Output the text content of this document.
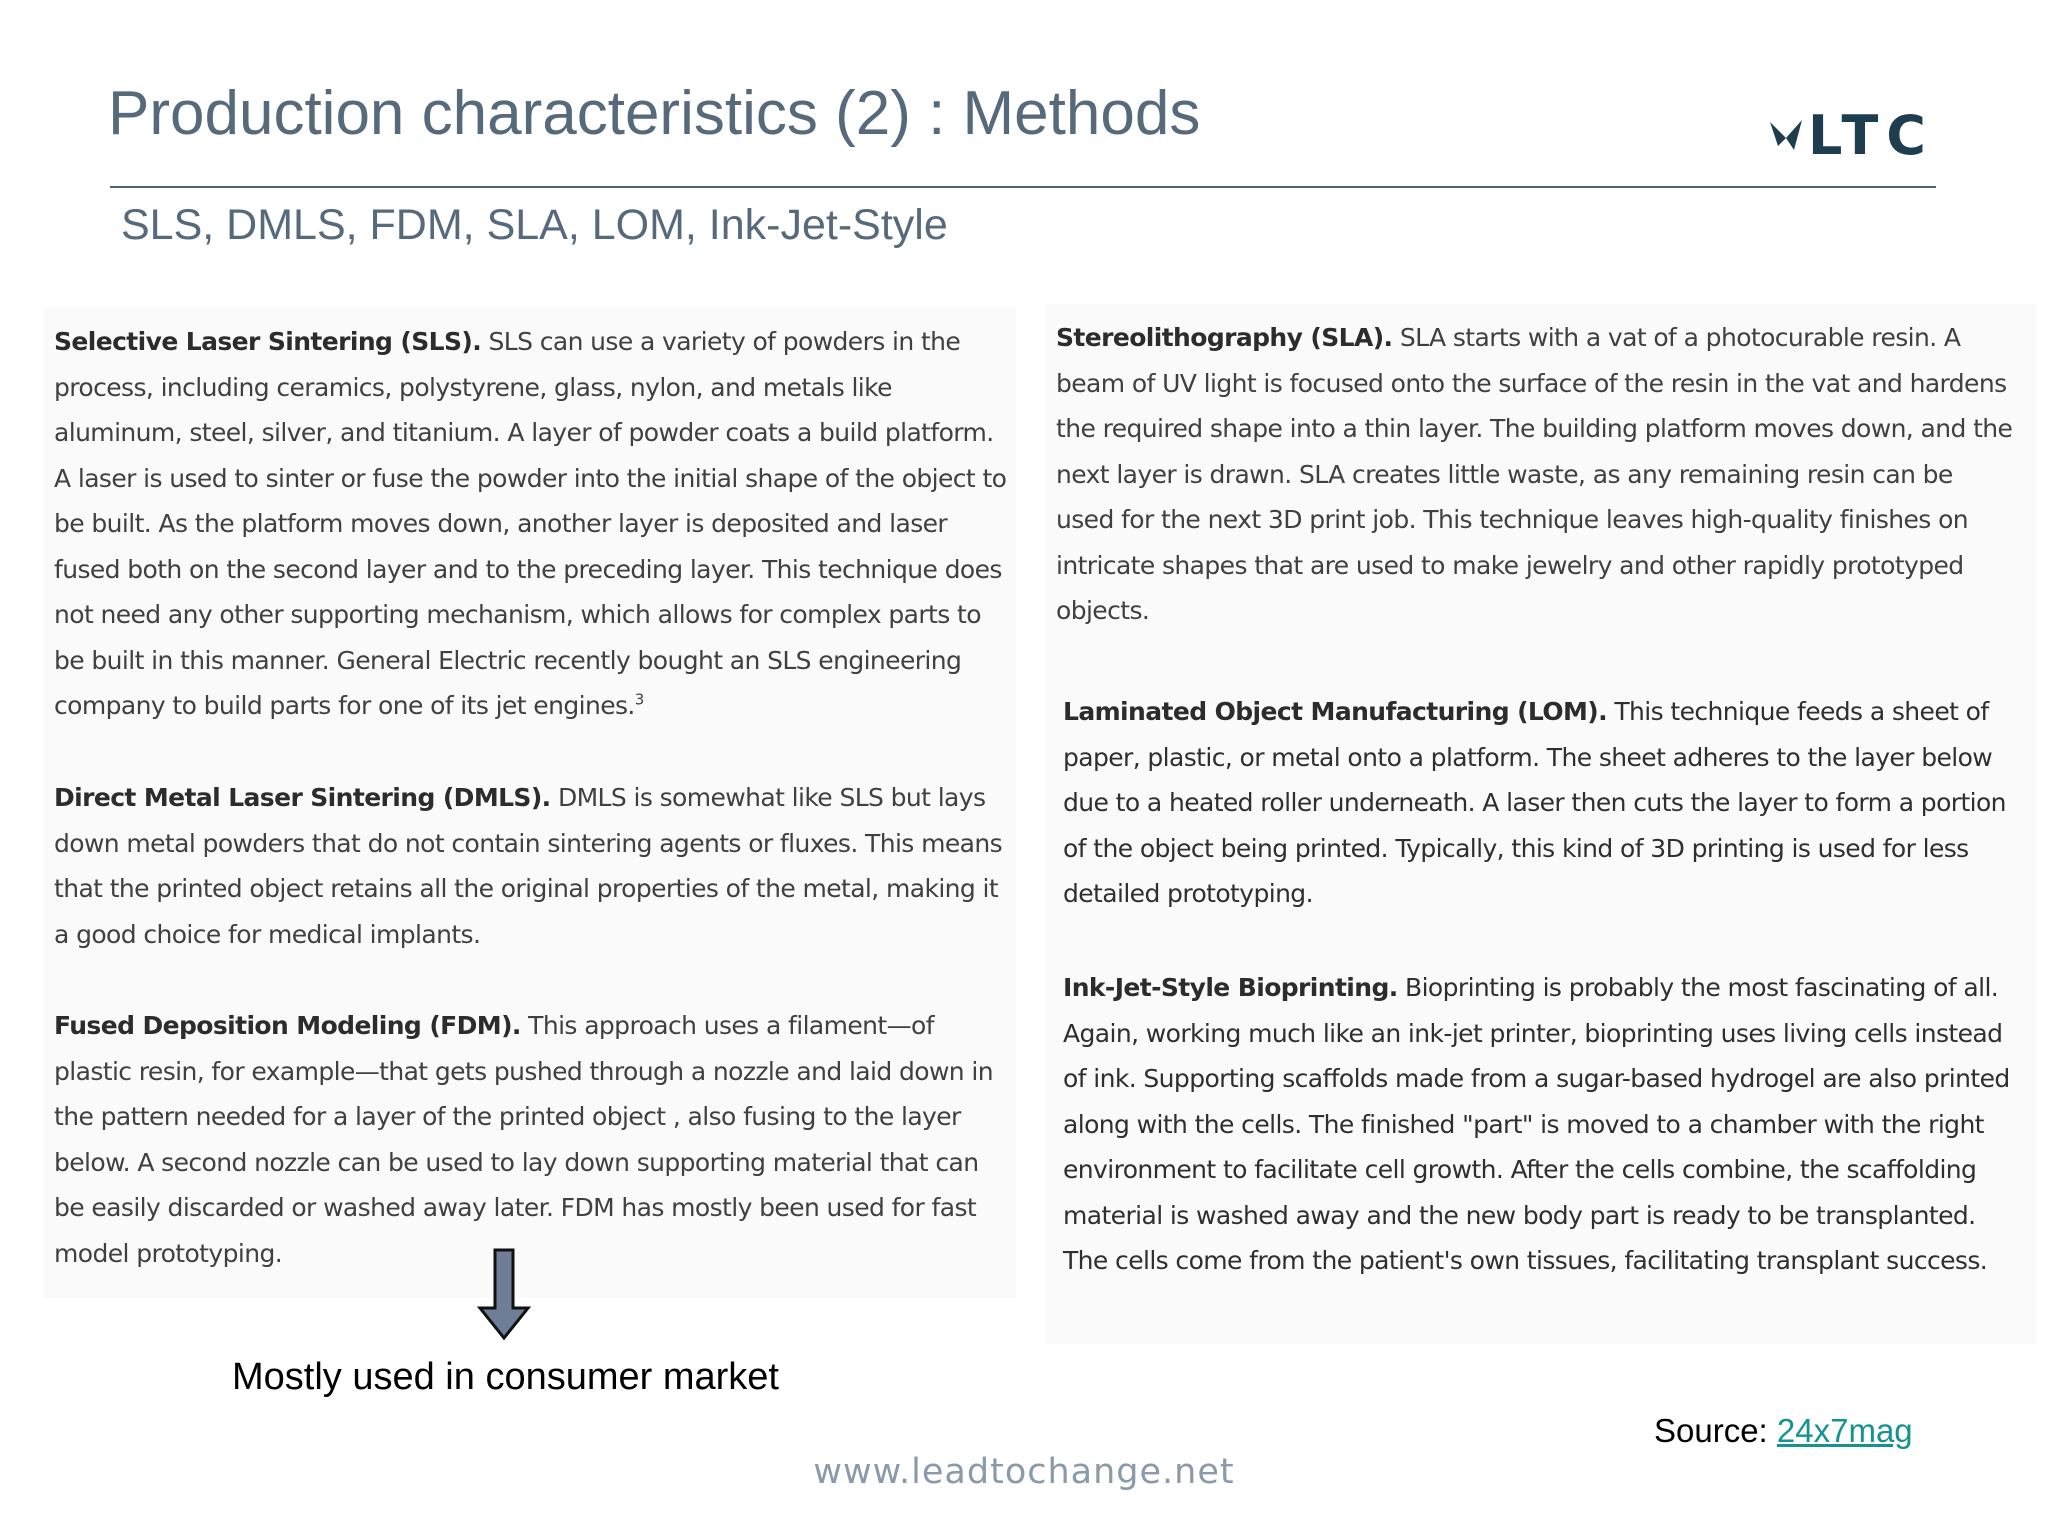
Production characteristics (2) : Methods	LTC
SLS, DMLS, FDM, SLA, LOM, Ink-Jet-Style

Selective Laser Sintering (SLS). SLS can use a variety of powders in the process, including ceramics, polystyrene, glass, nylon, and metals like aluminum, steel, silver, and titanium. A layer of powder coats a build platform. A laser is used to sinter or fuse the powder into the initial shape of the object to be built. As the platform moves down, another layer is deposited and laser fused both on the second layer and to the preceding layer. This technique does not need any other supporting mechanism, which allows for complex parts to be built in this manner. General Electric recently bought an SLS engineering company to build parts for one of its jet engines.$^3$

Direct Metal Laser Sintering (DMLS). DMLS is somewhat like SLS but lays down metal powders that do not contain sintering agents or fluxes. This means that the printed object retains all the original properties of the metal, making it a good choice for medical implants.

Fused Deposition Modeling (FDM). This approach uses a filament—of plastic resin, for example—that gets pushed through a nozzle and laid down in the pattern needed for a layer of the printed object , also fusing to the layer below. A second nozzle can be used to lay down supporting material that can be easily discarded or washed away later. FDM has mostly been used for fast model prototyping.

Stereolithography (SLA). SLA starts with a vat of a photocurable resin. A beam of UV light is focused onto the surface of the resin in the vat and hardens the required shape into a thin layer. The building platform moves down, and the next layer is drawn. SLA creates little waste, as any remaining resin can be used for the next 3D print job. This technique leaves high-quality finishes on intricate shapes that are used to make jewelry and other rapidly prototyped objects.

Laminated Object Manufacturing (LOM). This technique feeds a sheet of paper, plastic, or metal onto a platform. The sheet adheres to the layer below due to a heated roller underneath. A laser then cuts the layer to form a portion of the object being printed. Typically, this kind of 3D printing is used for less detailed prototyping.

Ink-Jet-Style Bioprinting. Bioprinting is probably the most fascinating of all. Again, working much like an ink-jet printer, bioprinting uses living cells instead of ink. Supporting scaffolds made from a sugar-based hydrogel are also printed along with the cells. The finished "part" is moved to a chamber with the right environment to facilitate cell growth. After the cells combine, the scaffolding material is washed away and the new body part is ready to be transplanted. The cells come from the patient's own tissues, facilitating transplant success.

Mostly used in consumer market
Source: 24x7mag
www.leadtochange.net
